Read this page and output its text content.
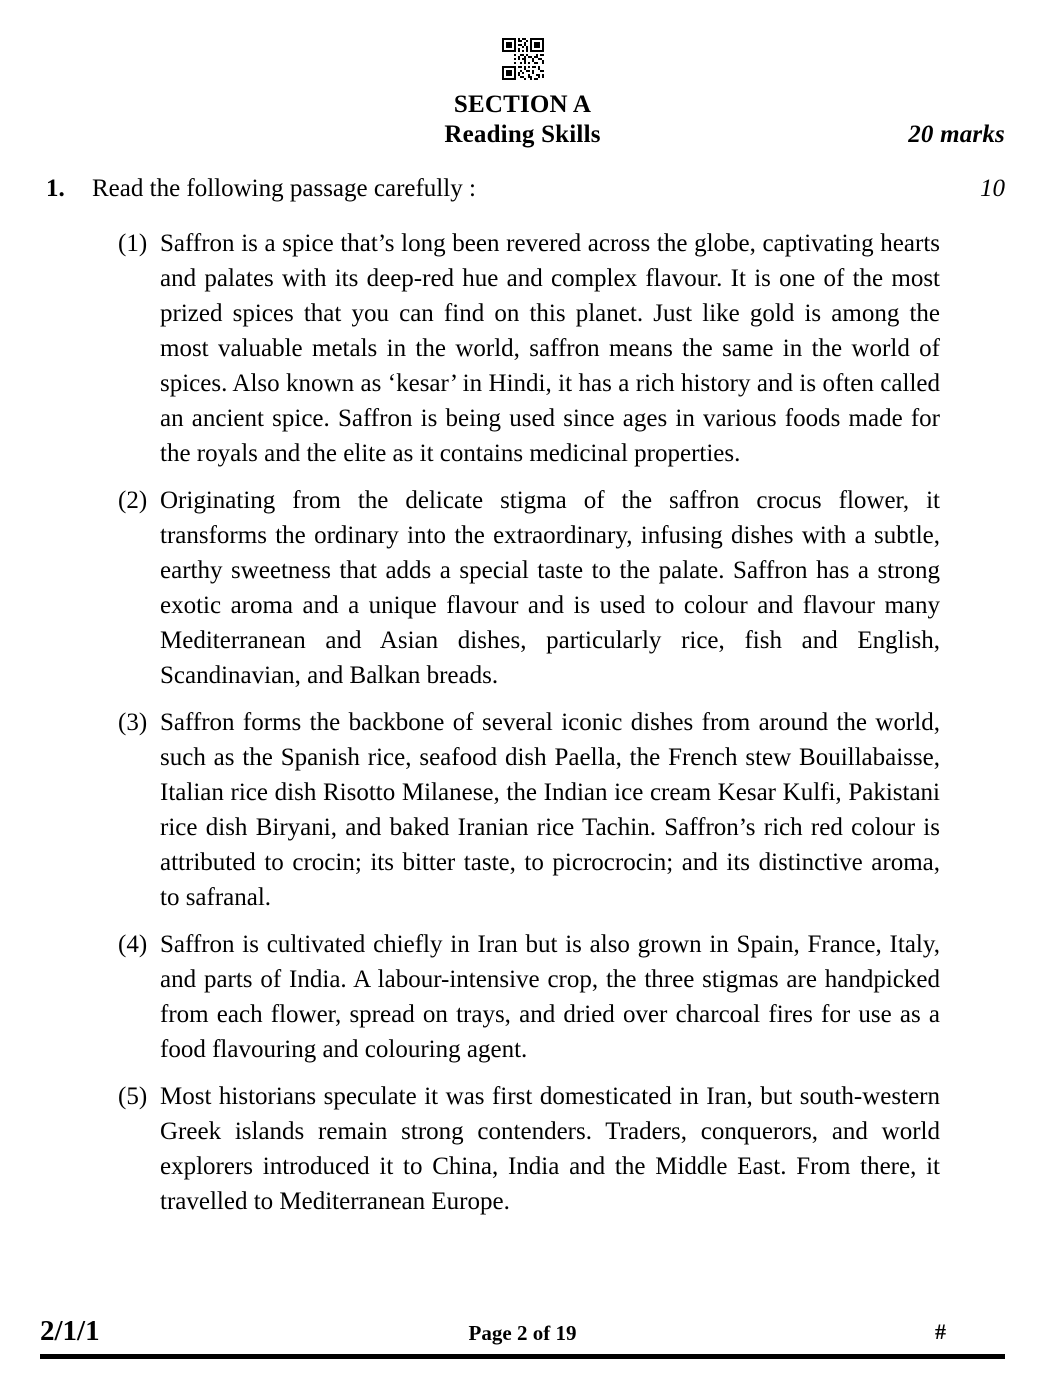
SECTION A
Reading Skills	20 marks
1. Read the following passage carefully :	10
(1) Saffron is a spice that’s long been revered across the globe, captivating hearts and palates with its deep-red hue and complex flavour. It is one of the most prized spices that you can find on this planet. Just like gold is among the most valuable metals in the world, saffron means the same in the world of spices. Also known as ‘kesar’ in Hindi, it has a rich history and is often called an ancient spice. Saffron is being used since ages in various foods made for the royals and the elite as it contains medicinal properties.
(2) Originating from the delicate stigma of the saffron crocus flower, it transforms the ordinary into the extraordinary, infusing dishes with a subtle, earthy sweetness that adds a special taste to the palate. Saffron has a strong exotic aroma and a unique flavour and is used to colour and flavour many Mediterranean and Asian dishes, particularly rice, fish and English, Scandinavian, and Balkan breads.
(3) Saffron forms the backbone of several iconic dishes from around the world, such as the Spanish rice, seafood dish Paella, the French stew Bouillabaisse, Italian rice dish Risotto Milanese, the Indian ice cream Kesar Kulfi, Pakistani rice dish Biryani, and baked Iranian rice Tachin. Saffron’s rich red colour is attributed to crocin; its bitter taste, to picrocrocin; and its distinctive aroma, to safranal.
(4) Saffron is cultivated chiefly in Iran but is also grown in Spain, France, Italy, and parts of India. A labour-intensive crop, the three stigmas are handpicked from each flower, spread on trays, and dried over charcoal fires for use as a food flavouring and colouring agent.
(5) Most historians speculate it was first domesticated in Iran, but south-western Greek islands remain strong contenders. Traders, conquerors, and world explorers introduced it to China, India and the Middle East. From there, it travelled to Mediterranean Europe.
2/1/1	Page 2 of 19	#
